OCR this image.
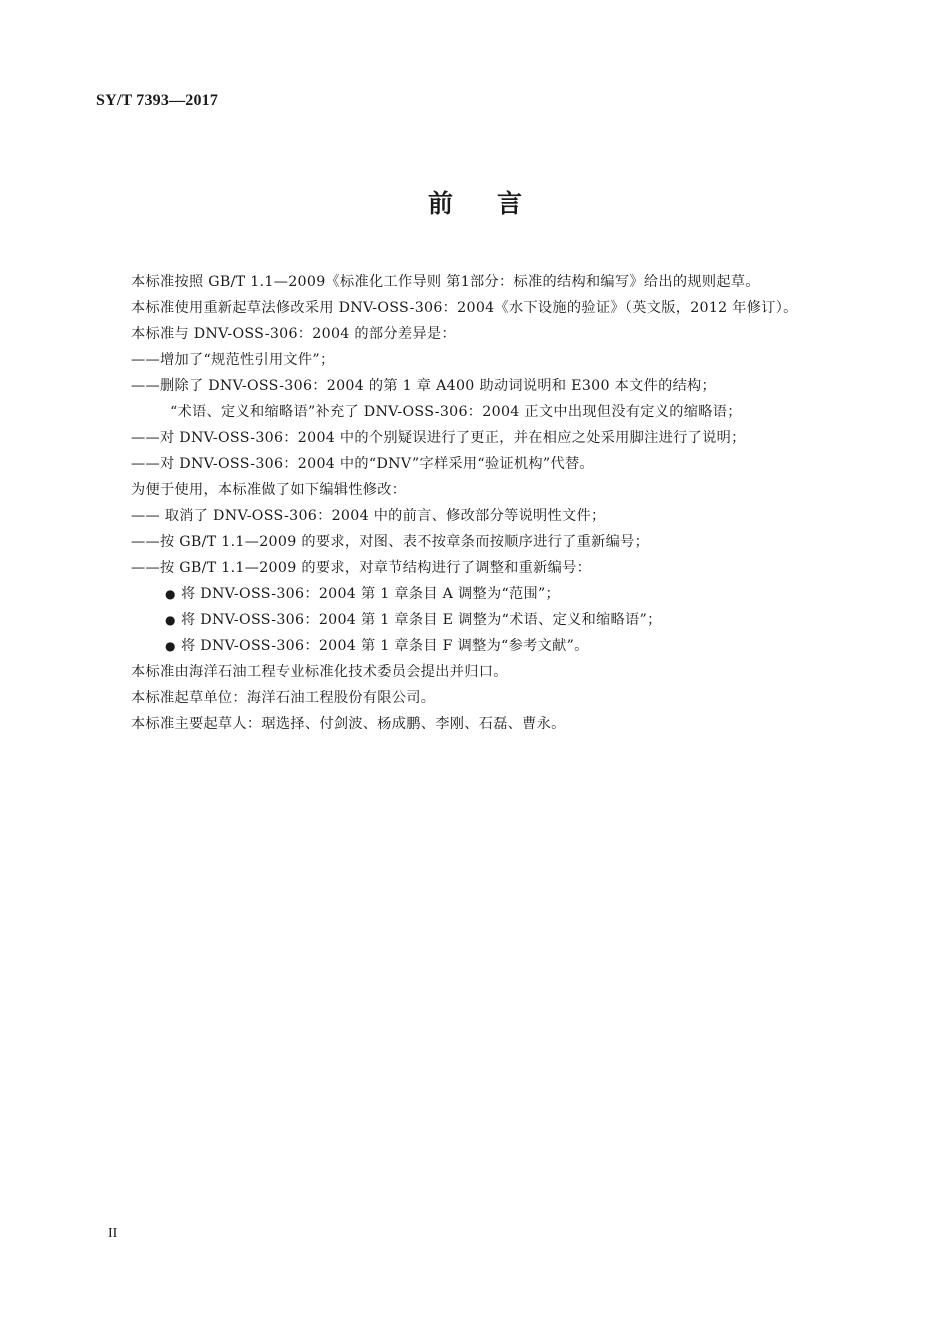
SY/T 7393—2017
前言
本标准按照 GB/T 1.1—2009《标准化工作导则 第1部分：标准的结构和编写》给出的规则起草。
本标准使用重新起草法修改采用 DNV-OSS-306：2004《水下设施的验证》（英文版，2012 年修订）。
本标准与 DNV-OSS-306：2004 的部分差异是：
——增加了“规范性引用文件”；
——删除了 DNV-OSS-306：2004 的第 1 章 A400 助动词说明和 E300 本文件的结构；
“术语、定义和缩略语”补充了 DNV-OSS-306：2004 正文中出现但没有定义的缩略语；
——对 DNV-OSS-306：2004 中的个别疑误进行了更正，并在相应之处采用脚注进行了说明；
——对 DNV-OSS-306：2004 中的“DNV”字样采用“验证机构”代替。
为便于使用，本标准做了如下编辑性修改：
—— 取消了 DNV-OSS-306：2004 中的前言、修改部分等说明性文件；
——按 GB/T 1.1—2009 的要求，对图、表不按章条而按顺序进行了重新编号；
——按 GB/T 1.1—2009 的要求，对章节结构进行了调整和重新编号：
● 将 DNV-OSS-306：2004 第 1 章条目 A 调整为“范围”；
● 将 DNV-OSS-306：2004 第 1 章条目 E 调整为“术语、定义和缩略语”；
● 将 DNV-OSS-306：2004 第 1 章条目 F 调整为“参考文献”。
本标准由海洋石油工程专业标准化技术委员会提出并归口。
本标准起草单位：海洋石油工程股份有限公司。
本标准主要起草人：琚选择、付剑波、杨成鹏、李刚、石磊、曹永。
II
